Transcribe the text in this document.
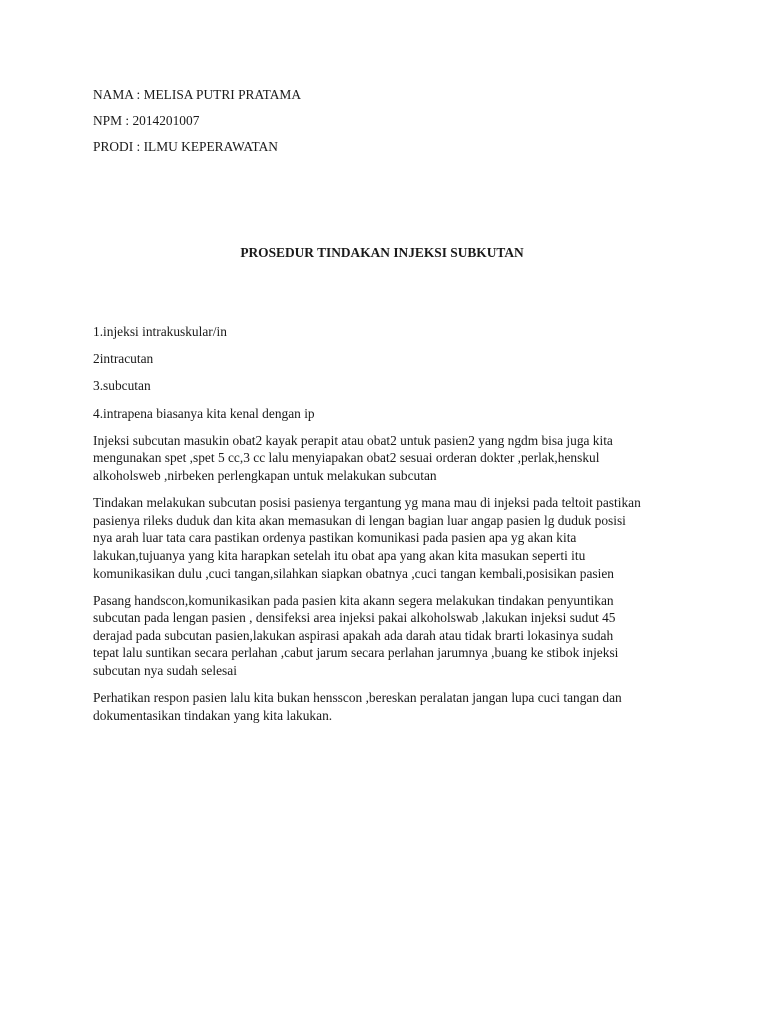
NAMA : MELISA PUTRI PRATAMA
NPM : 2014201007
PRODI : ILMU KEPERAWATAN
PROSEDUR TINDAKAN INJEKSI SUBKUTAN
1.injeksi intrakuskular/in
2intracutan
3.subcutan
4.intrapena biasanya kita kenal dengan ip
Injeksi subcutan masukin obat2 kayak perapit atau obat2 untuk pasien2 yang ngdm bisa juga kita
mengunakan spet ,spet 5 cc,3 cc lalu menyiapakan obat2 sesuai orderan dokter ,perlak,henskul
alkoholsweb ,nirbeken perlengkapan untuk melakukan subcutan
Tindakan melakukan subcutan posisi pasienya tergantung yg mana mau di injeksi pada teltoit pastikan
pasienya rileks duduk dan kita akan memasukan di lengan bagian luar angap pasien lg duduk posisi
nya arah luar tata cara pastikan ordenya pastikan komunikasi pada pasien apa yg akan kita
lakukan,tujuanya yang kita harapkan setelah itu obat apa yang akan kita masukan seperti itu
komunikasikan dulu ,cuci tangan,silahkan siapkan obatnya ,cuci tangan kembali,posisikan pasien
Pasang handscon,komunikasikan pada pasien kita akann segera melakukan tindakan penyuntikan
subcutan pada lengan pasien , densifeksi area injeksi pakai alkoholswab ,lakukan injeksi sudut 45
derajad pada subcutan pasien,lakukan aspirasi apakah ada darah atau tidak brarti lokasinya sudah
tepat lalu suntikan secara perlahan ,cabut jarum secara perlahan jarumnya ,buang ke stibok injeksi
subcutan nya sudah selesai
Perhatikan respon pasien lalu kita bukan hensscon ,bereskan peralatan jangan lupa cuci tangan dan
dokumentasikan tindakan yang kita lakukan.
